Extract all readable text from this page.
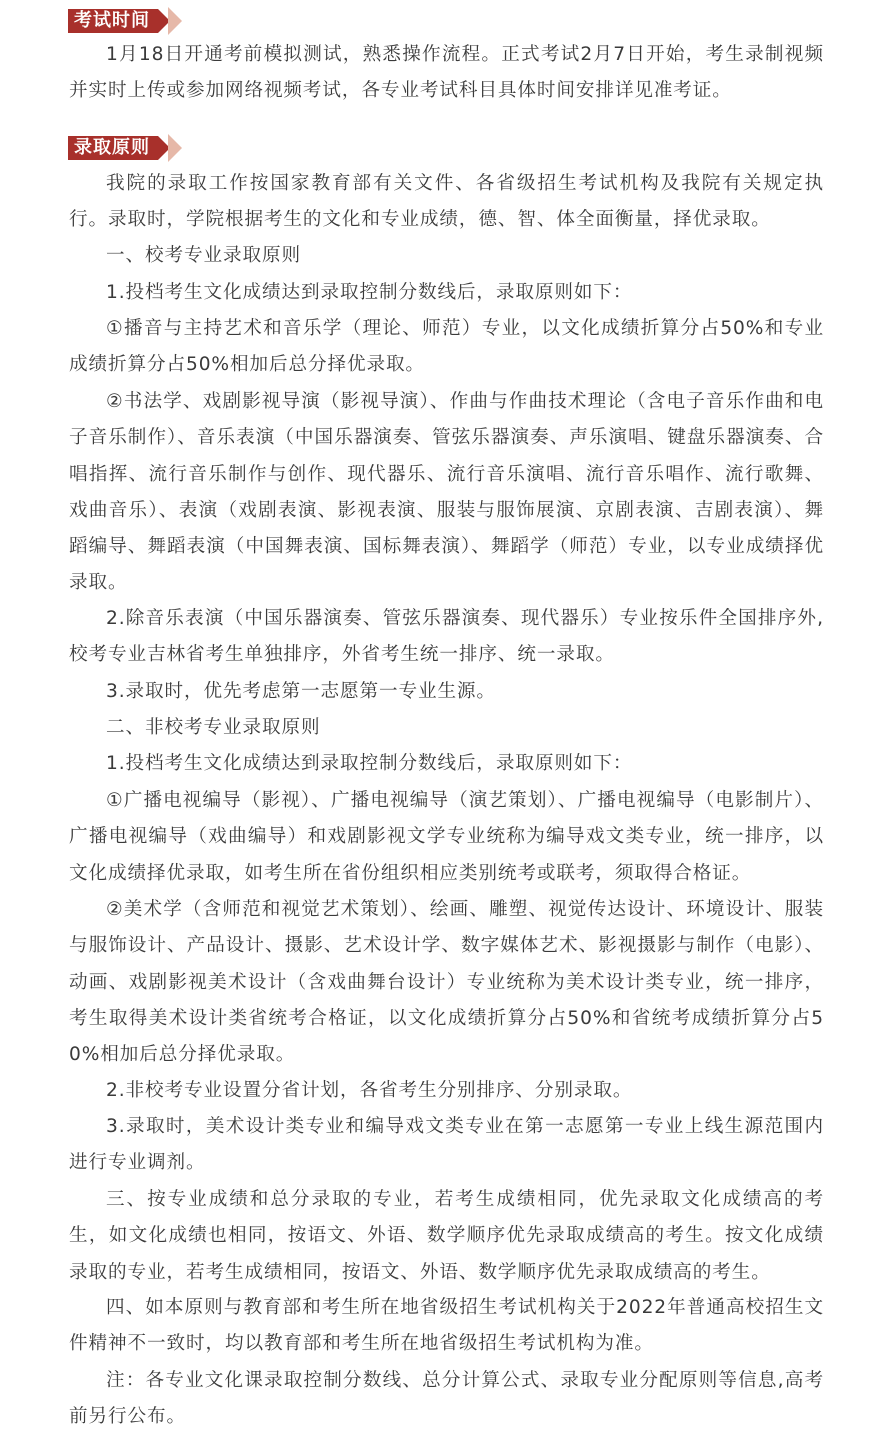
考试时间

1月18日开通考前模拟测试，熟悉操作流程。正式考试2月7日开始，考生录制视频并实时上传或参加网络视频考试，各专业考试科目具体时间安排详见准考证。

录取原则

我院的录取工作按国家教育部有关文件、各省级招生考试机构及我院有关规定执行。录取时，学院根据考生的文化和专业成绩，德、智、体全面衡量，择优录取。

一、校考专业录取原则

1.投档考生文化成绩达到录取控制分数线后，录取原则如下：

①播音与主持艺术和音乐学（理论、师范）专业，以文化成绩折算分占50%和专业成绩折算分占50%相加后总分择优录取。

②书法学、戏剧影视导演（影视导演）、作曲与作曲技术理论（含电子音乐作曲和电子音乐制作）、音乐表演（中国乐器演奏、管弦乐器演奏、声乐演唱、键盘乐器演奏、合唱指挥、流行音乐制作与创作、现代器乐、流行音乐演唱、流行音乐唱作、流行歌舞、戏曲音乐）、表演（戏剧表演、影视表演、服装与服饰展演、京剧表演、吉剧表演）、舞蹈编导、舞蹈表演（中国舞表演、国标舞表演）、舞蹈学（师范）专业，以专业成绩择优录取。

2.除音乐表演（中国乐器演奏、管弦乐器演奏、现代器乐）专业按乐件全国排序外,校考专业吉林省考生单独排序，外省考生统一排序、统一录取。

3.录取时，优先考虑第一志愿第一专业生源。

二、非校考专业录取原则

1.投档考生文化成绩达到录取控制分数线后，录取原则如下：

①广播电视编导（影视）、广播电视编导（演艺策划）、广播电视编导（电影制片）、广播电视编导（戏曲编导）和戏剧影视文学专业统称为编导戏文类专业，统一排序，以文化成绩择优录取，如考生所在省份组织相应类别统考或联考，须取得合格证。

②美术学（含师范和视觉艺术策划）、绘画、雕塑、视觉传达设计、环境设计、服装与服饰设计、产品设计、摄影、艺术设计学、数字媒体艺术、影视摄影与制作（电影）、动画、戏剧影视美术设计（含戏曲舞台设计）专业统称为美术设计类专业，统一排序，考生取得美术设计类省统考合格证，以文化成绩折算分占50%和省统考成绩折算分占50%相加后总分择优录取。

2.非校考专业设置分省计划，各省考生分别排序、分别录取。

3.录取时，美术设计类专业和编导戏文类专业在第一志愿第一专业上线生源范围内进行专业调剂。

三、按专业成绩和总分录取的专业，若考生成绩相同，优先录取文化成绩高的考生，如文化成绩也相同，按语文、外语、数学顺序优先录取成绩高的考生。按文化成绩录取的专业，若考生成绩相同，按语文、外语、数学顺序优先录取成绩高的考生。

四、如本原则与教育部和考生所在地省级招生考试机构关于2022年普通高校招生文件精神不一致时，均以教育部和考生所在地省级招生考试机构为准。

注：各专业文化课录取控制分数线、总分计算公式、录取专业分配原则等信息,高考前另行公布。
